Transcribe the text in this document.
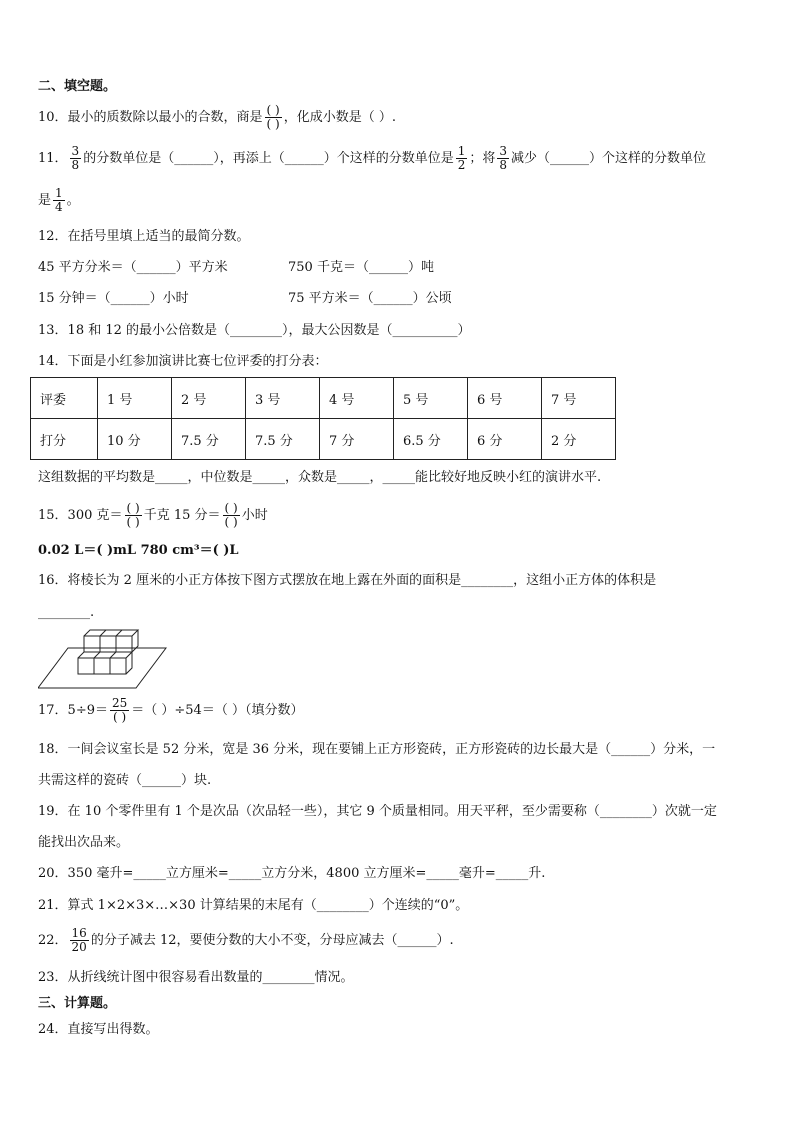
二、填空题。
10．最小的质数除以最小的合数，商是 $\frac{( )}{( )}$ ，化成小数是（ ）.
11． $\frac{3}{8}$ 的分数单位是（______），再添上（______）个这样的分数单位是 $\frac{1}{2}$ ；将 $\frac{3}{8}$ 减少（______）个这样的分数单位
是 $\frac{1}{4}$ 。
12．在括号里填上适当的最简分数。
45 平方分米＝（______）平方米	750 千克＝（______）吨
15 分钟＝（______）小时	75 平方米＝（______）公顷
13．18 和 12 的最小公倍数是（________），最大公因数是（__________）
14．下面是小红参加演讲比赛七位评委的打分表：
评委	1 号	2 号	3 号	4 号	5 号	6 号	7 号
打分	10 分	7.5 分	7.5 分	7 分	6.5 分	6 分	2 分
这组数据的平均数是_____，中位数是_____，众数是_____，_____能比较好地反映小红的演讲水平.
15．300 克＝ $\frac{( )}{( )}$ 千克 15 分＝ $\frac{( )}{( )}$ 小时
0.02 L＝( )mL 780 cm³＝( )L
16．将棱长为 2 厘米的小正方体按下图方式摆放在地上露在外面的面积是________，这组小正方体的体积是
________.
17．$5\div 9= \frac{25}{( )}$ ＝（ ）÷54＝（ ）（填分数）
18．一间会议室长是 52 分米，宽是 36 分米，现在要铺上正方形瓷砖，正方形瓷砖的边长最大是（______）分米，一
共需这样的瓷砖（______）块.
19．在 10 个零件里有 1 个是次品（次品轻一些），其它 9 个质量相同。用天平秤，至少需要称（________）次就一定
能找出次品来。
20．350 毫升=_____立方厘米=_____立方分米，4800 立方厘米=_____毫升=_____升.
21．算式 1×2×3×…×30 计算结果的末尾有（________）个连续的“0”。
22． $\frac{16}{20}$ 的分子减去 12，要使分数的大小不变，分母应减去（______）.
23．从折线统计图中很容易看出数量的________情况。
三、计算题。
24．直接写出得数。
